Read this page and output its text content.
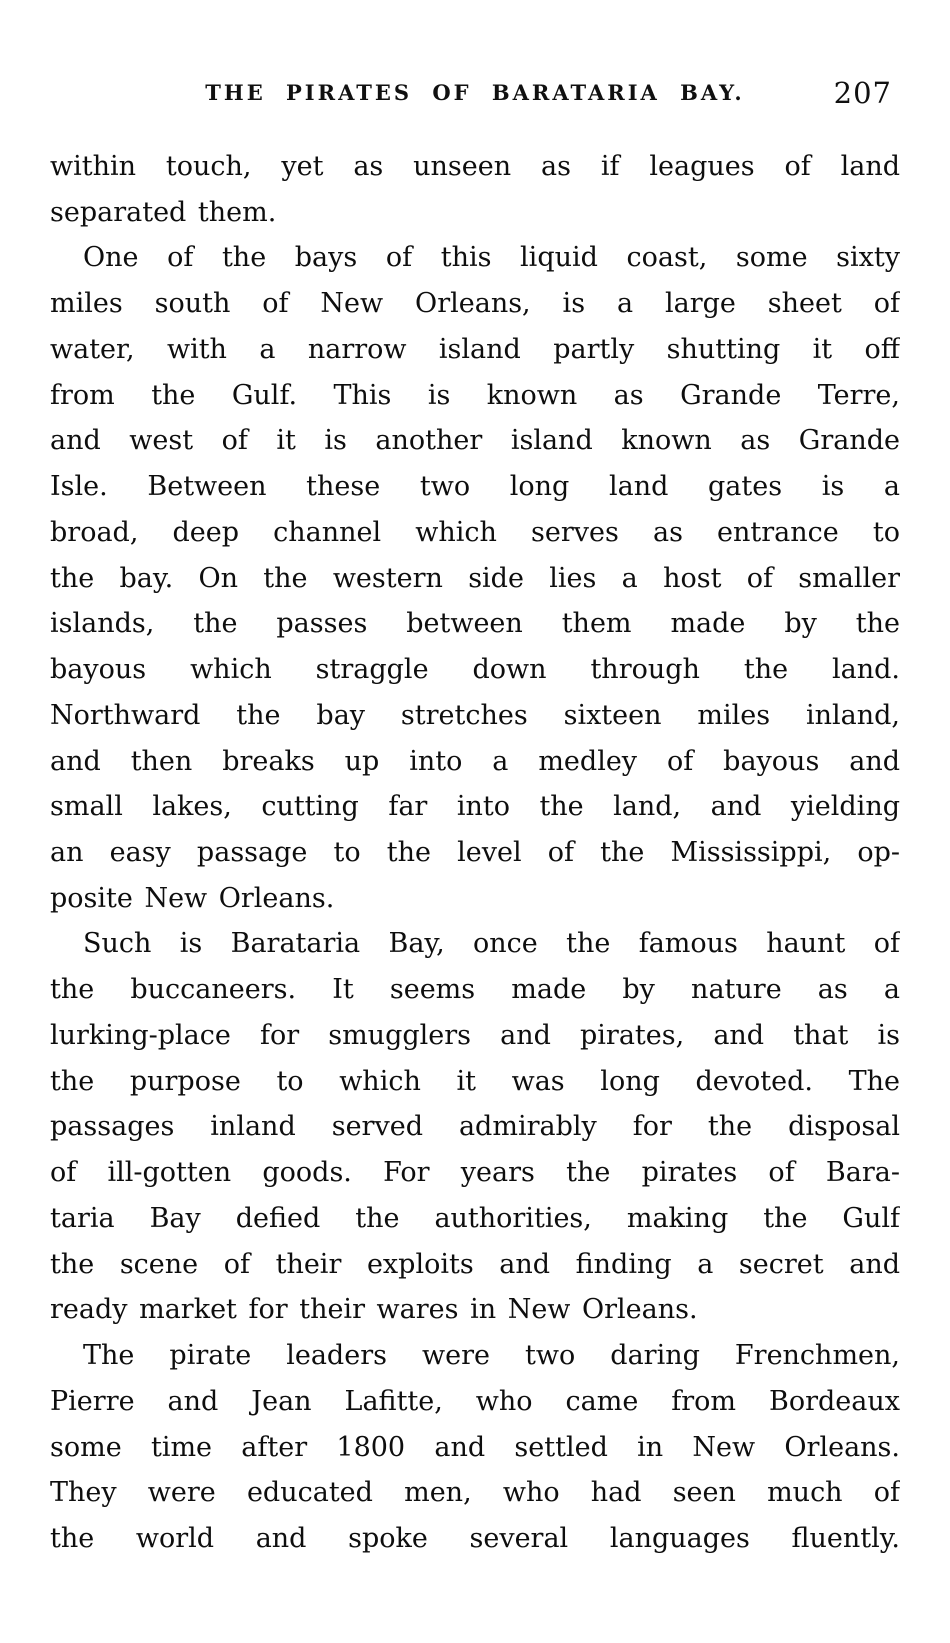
THE PIRATES OF BARATARIA BAY.	207
within touch, yet as unseen as if leagues of land
separated them.
One of the bays of this liquid coast, some sixty
miles south of New Orleans, is a large sheet of
water, with a narrow island partly shutting it off
from the Gulf. This is known as Grande Terre,
and west of it is another island known as Grande
Isle. Between these two long land gates is a
broad, deep channel which serves as entrance to
the bay. On the western side lies a host of smaller
islands, the passes between them made by the
bayous which straggle down through the land.
Northward the bay stretches sixteen miles inland,
and then breaks up into a medley of bayous and
small lakes, cutting far into the land, and yielding
an easy passage to the level of the Mississippi, op-
posite New Orleans.
Such is Barataria Bay, once the famous haunt of
the buccaneers. It seems made by nature as a
lurking-place for smugglers and pirates, and that is
the purpose to which it was long devoted. The
passages inland served admirably for the disposal
of ill-gotten goods. For years the pirates of Bara-
taria Bay defied the authorities, making the Gulf
the scene of their exploits and finding a secret and
ready market for their wares in New Orleans.
The pirate leaders were two daring Frenchmen,
Pierre and Jean Lafitte, who came from Bordeaux
some time after 1800 and settled in New Orleans.
They were educated men, who had seen much of
the world and spoke several languages fluently.
